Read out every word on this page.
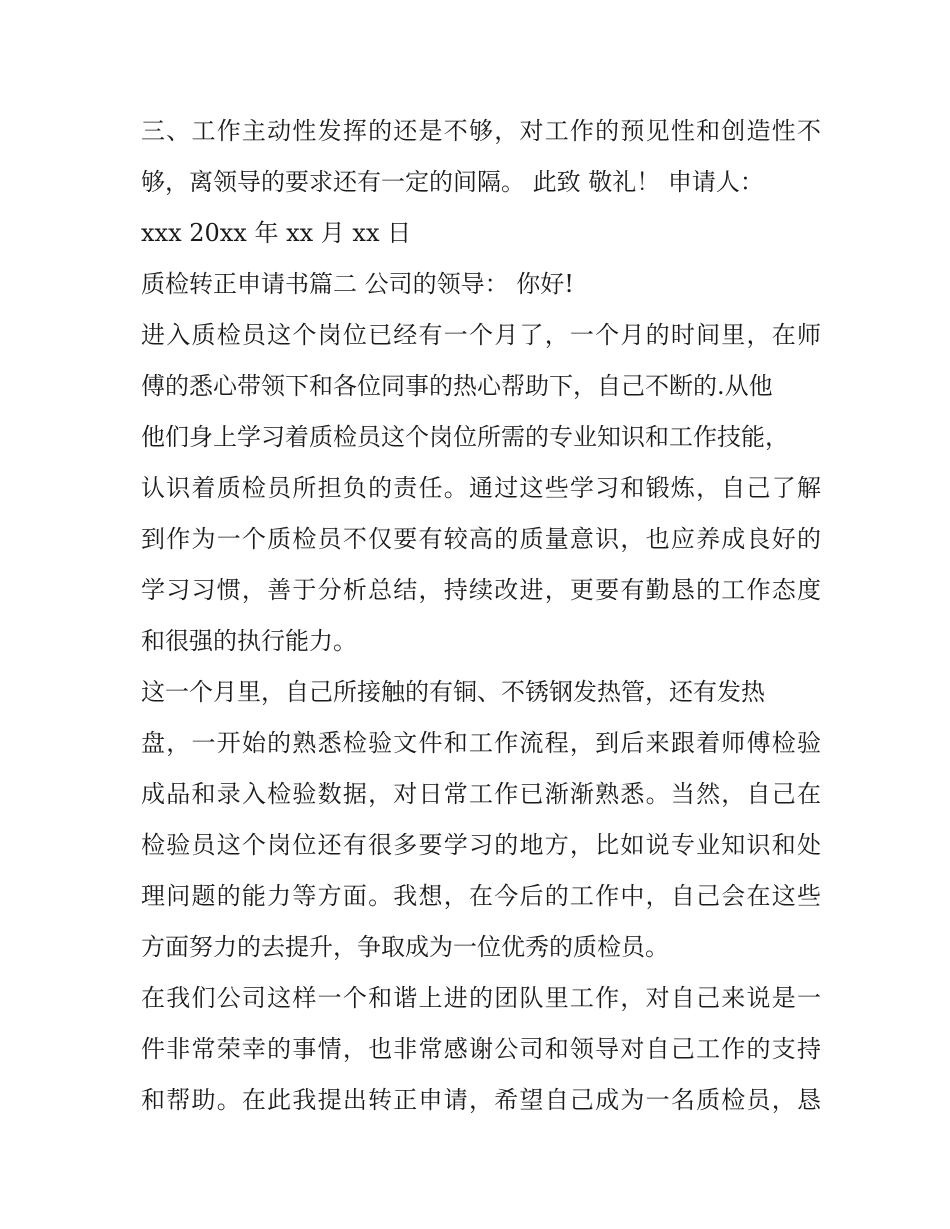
三、工作主动性发挥的还是不够，对工作的预见性和创造性不
够，离领导的要求还有一定的间隔。 此致 敬礼！ 申请人：
xxx 20xx 年 xx 月 xx 日
质检转正申请书篇二 公司的领导： 你好!
进入质检员这个岗位已经有一个月了，一个月的时间里，在师
傅的悉心带领下和各位同事的热心帮助下，自己不断的.从他
他们身上学习着质检员这个岗位所需的专业知识和工作技能，
认识着质检员所担负的责任。通过这些学习和锻炼，自己了解
到作为一个质检员不仅要有较高的质量意识，也应养成良好的
学习习惯，善于分析总结，持续改进，更要有勤恳的工作态度
和很强的执行能力。
这一个月里，自己所接触的有铜、不锈钢发热管，还有发热
盘，一开始的熟悉检验文件和工作流程，到后来跟着师傅检验
成品和录入检验数据，对日常工作已渐渐熟悉。当然，自己在
检验员这个岗位还有很多要学习的地方，比如说专业知识和处
理问题的能力等方面。我想，在今后的工作中，自己会在这些
方面努力的去提升，争取成为一位优秀的质检员。
在我们公司这样一个和谐上进的团队里工作，对自己来说是一
件非常荣幸的事情，也非常感谢公司和领导对自己工作的支持
和帮助。在此我提出转正申请，希望自己成为一名质检员，恳
